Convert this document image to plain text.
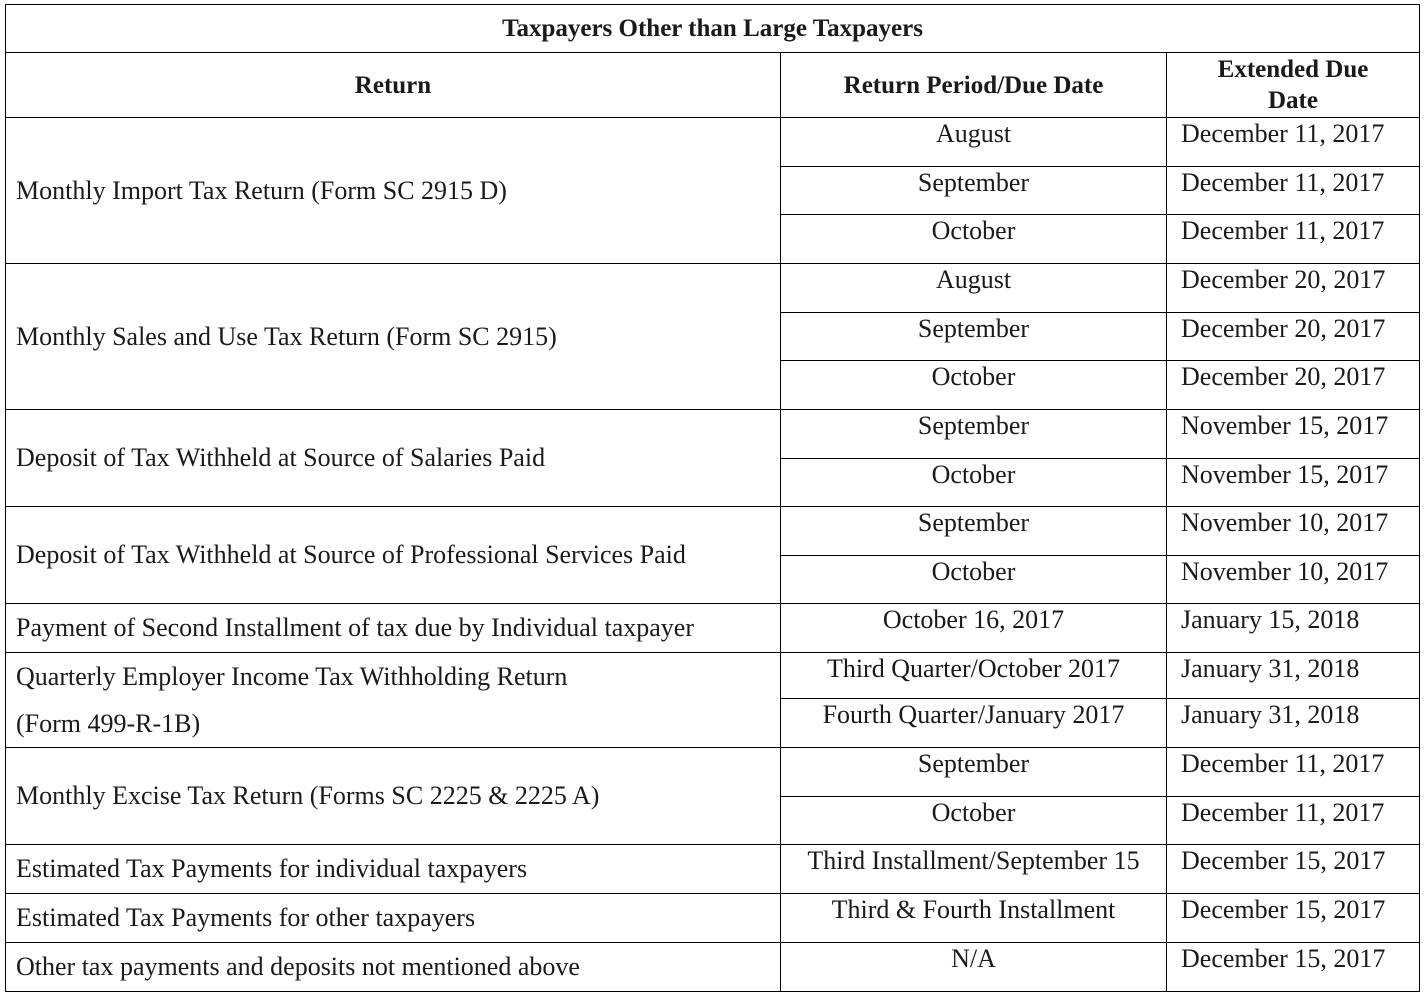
Taxpayers Other than Large Taxpayers		
Return	Return Period/Due Date	Extended Due
Date

Monthly Import Tax Return (Form SC 2915 D)	August	December 11, 2017
	September	December 11, 2017
	October	December 11, 2017

Monthly Sales and Use Tax Return (Form SC 2915)	August	December 20, 2017
	September	December 20, 2017
	October	December 20, 2017

Deposit of Tax Withheld at Source of Salaries Paid	September	November 15, 2017
	October	November 15, 2017

Deposit of Tax Withheld at Source of Professional Services Paid	September	November 10, 2017
	October	November 10, 2017

Payment of Second Installment of tax due by Individual taxpayer	October 16, 2017	January 15, 2018

Quarterly Employer Income Tax Withholding Return
(Form 499-R-1B)	Third Quarter/October 2017	January 31, 2018
	Fourth Quarter/January 2017	January 31, 2018

Monthly Excise Tax Return (Forms SC 2225 & 2225 A)	September	December 11, 2017
	October	December 11, 2017

Estimated Tax Payments for individual taxpayers	Third Installment/September 15	December 15, 2017

Estimated Tax Payments for other taxpayers	Third & Fourth Installment	December 15, 2017

Other tax payments and deposits not mentioned above	N/A	December 15, 2017
